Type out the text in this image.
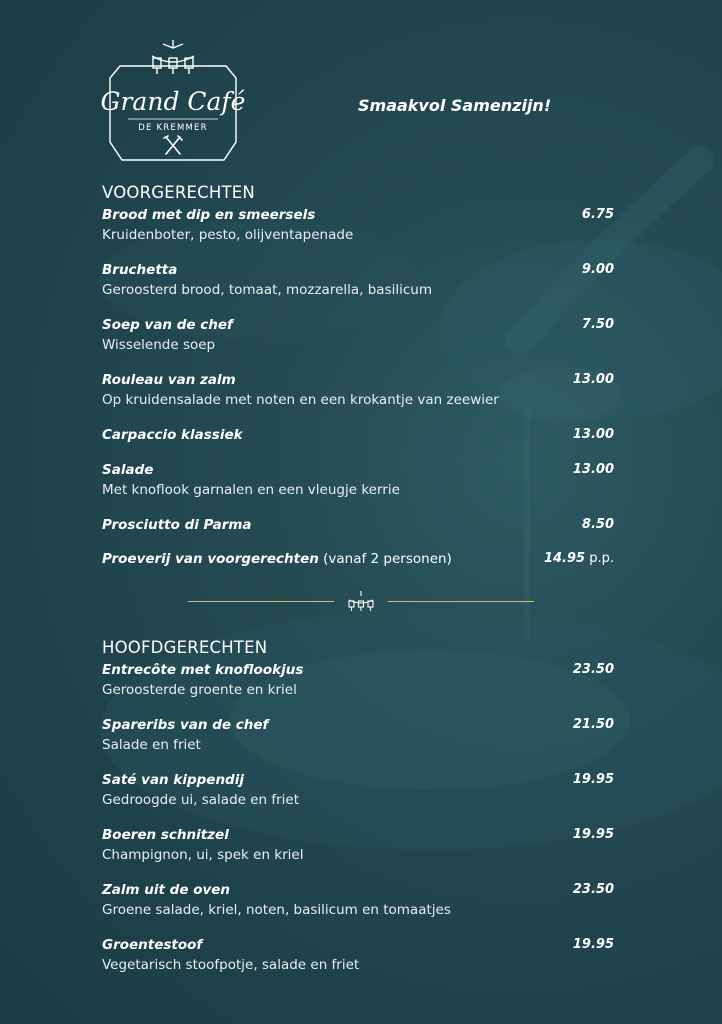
Grand Café
DE KREMMER
Smaakvol Samenzijn!
VOORGERECHTEN
Brood met dip en smeersels
Kruidenboter, pesto, olijventapenade
6.75
Bruchetta
Geroosterd brood, tomaat, mozzarella, basilicum
9.00
Soep van de chef
Wisselende soep
7.50
Rouleau van zalm
Op kruidensalade met noten en een krokantje van zeewier
13.00
Carpaccio klassiek	13.00
Salade
Met knoflook garnalen en een vleugje kerrie
13.00
Prosciutto di Parma	8.50
Proeverij van voorgerechten (vanaf 2 personen)	14.95 p.p.
HOOFDGERECHTEN
Entrecôte met knoflookjus
Geroosterde groente en kriel
23.50
Spareribs van de chef
Salade en friet
21.50
Saté van kippendij
Gedroogde ui, salade en friet
19.95
Boeren schnitzel
Champignon, ui, spek en kriel
19.95
Zalm uit de oven
Groene salade, kriel, noten, basilicum en tomaatjes
23.50
Groentestoof
Vegetarisch stoofpotje, salade en friet
19.95
